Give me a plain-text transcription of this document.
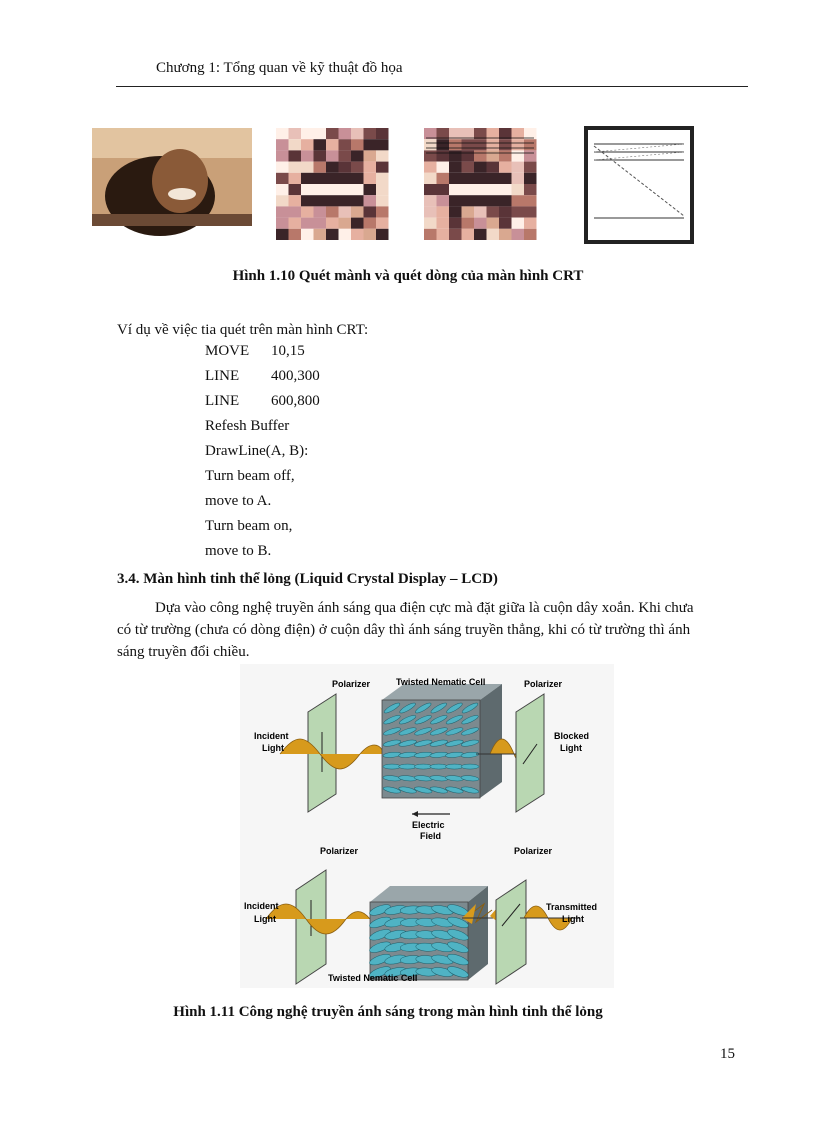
Chương 1: Tổng quan về kỹ thuật đồ họa
Hình 1.10 Quét mành và quét dòng của màn hình CRT
Ví dụ về việc tia quét trên màn hình CRT:
MOVE 10,15
LINE 400,300
LINE 600,800
Refesh Buffer
DrawLine(A, B):
Turn beam off,
move to A.
Turn beam on,
move to B.
3.4. Màn hình tinh thể lỏng (Liquid Crystal Display – LCD)
Dựa vào công nghệ truyền ánh sáng qua điện cực mà đặt giữa là cuộn dây xoắn. Khi chưa
có từ trường (chưa có dòng điện) ở cuộn dây thì ánh sáng truyền thẳng, khi có từ trường thì ánh
sáng truyền đổi chiều.
Polarizer	Twisted Nematic Cell	Polarizer
Incident
Light
Blocked
Light
Electric
Field
Polarizer	Polarizer
Incident
Light
Transmitted
Light
Twisted Nematic Cell
Hình 1.11 Công nghệ truyền ánh sáng trong màn hình tinh thể lỏng
15
